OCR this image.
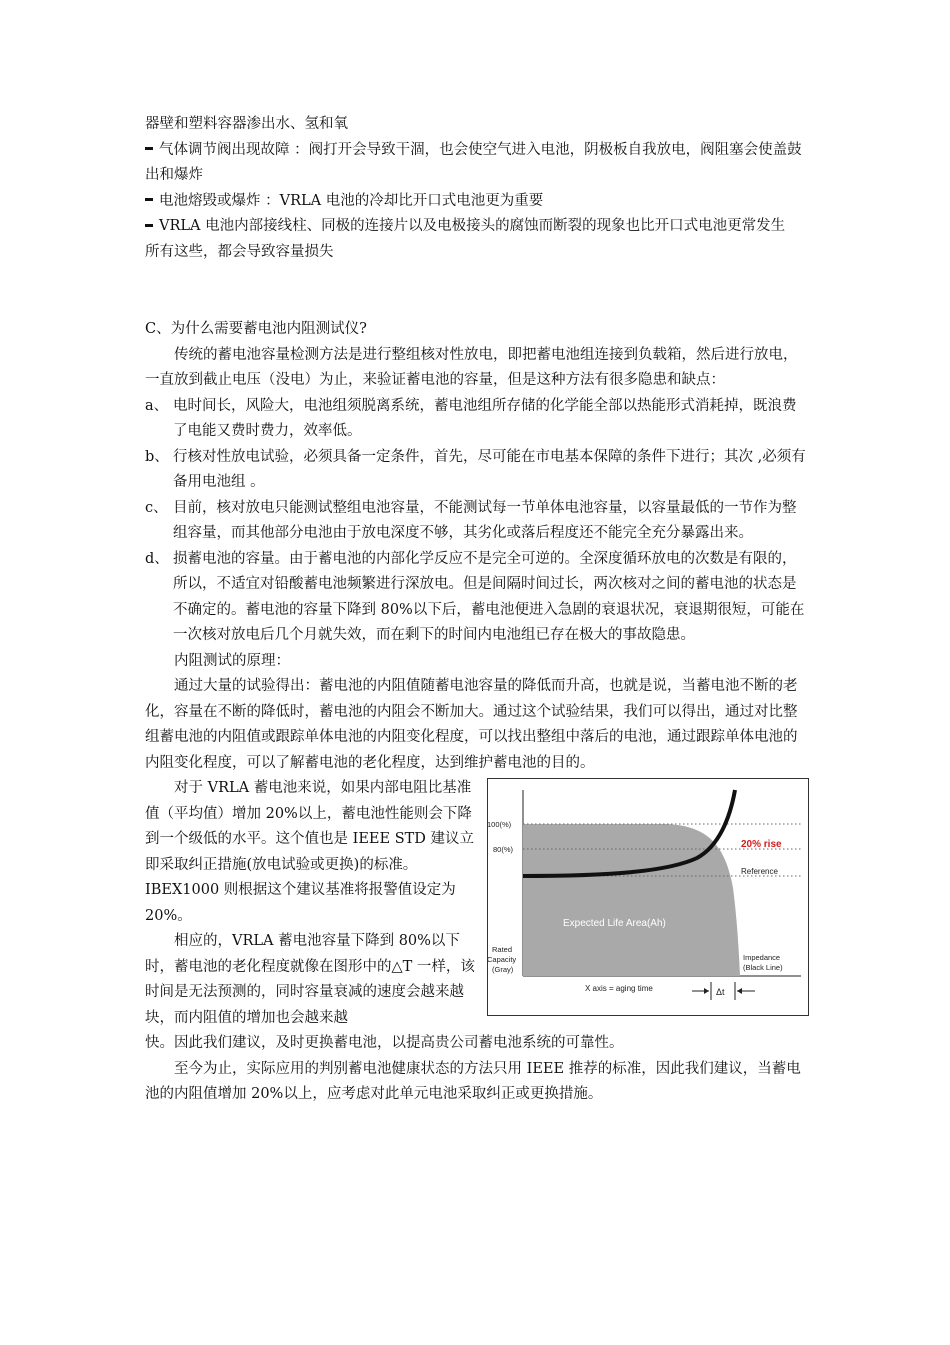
器壁和塑料容器渗出水、氢和氧

气体调节阀出现故障 ：阀打开会导致干涸，也会使空气进入电池，阴极板自我放电，阀阻塞会使盖鼓出和爆炸

电池熔毁或爆炸 ：VRLA 电池的冷却比开口式电池更为重要

VRLA 电池内部接线柱、同极的连接片以及电极接头的腐蚀而断裂的现象也比开口式电池更常发生

所有这些，都会导致容量损失

C、为什么需要蓄电池内阻测试仪?

传统的蓄电池容量检测方法是进行整组核对性放电，即把蓄电池组连接到负载箱，然后进行放电，一直放到截止电压（没电）为止，来验证蓄电池的容量，但是这种方法有很多隐患和缺点：

a、 电时间长，风险大，电池组须脱离系统，蓄电池组所存储的化学能全部以热能形式消耗掉，既浪费了电能又费时费力，效率低。
b、 行核对性放电试验，必须具备一定条件，首先，尽可能在市电基本保障的条件下进行；其次 ,必须有备用电池组 。
c、 目前，核对放电只能测试整组电池容量，不能测试每一节单体电池容量，以容量最低的一节作为整组容量，而其他部分电池由于放电深度不够，其劣化或落后程度还不能完全充分暴露出来。
d、 损蓄电池的容量。由于蓄电池的内部化学反应不是完全可逆的。全深度循环放电的次数是有限的，所以，不适宜对铅酸蓄电池频繁进行深放电。但是间隔时间过长，两次核对之间的蓄电池的状态是不确定的。蓄电池的容量下降到 80%以下后，蓄电池便进入急剧的衰退状况，衰退期很短，可能在一次核对放电后几个月就失效，而在剩下的时间内电池组已存在极大的事故隐患。

内阻测试的原理：

通过大量的试验得出：蓄电池的内阻值随蓄电池容量的降低而升高，也就是说，当蓄电池不断的老化，容量在不断的降低时，蓄电池的内阻会不断加大。通过这个试验结果，我们可以得出，通过对比整组蓄电池的内阻值或跟踪单体电池的内阻变化程度，可以找出整组中落后的电池，通过跟踪单体电池的内阻变化程度，可以了解蓄电池的老化程度，达到维护蓄电池的目的。

对于 VRLA 蓄电池来说，如果内部电阻比基准值（平均值）增加 20%以上，蓄电池性能则会下降到一个级低的水平。这个值也是 IEEE STD 建议立即采取纠正措施(放电试验或更换)的标准。IBEX1000 则根据这个建议基准将报警值设定为 20%。

相应的，VRLA 蓄电池容量下降到 80%以下时，蓄电池的老化程度就像在图形中的△T 一样，该时间是无法预测的，同时容量衰减的速度会越来越块，而内阻值的增加也会越来越

100(%)
80(%)	20% rise
Reference
Expected Life Area(Ah)
Rated
Capacity
(Gray)
Impedance
(Black Line)
X axis = aging time	Δt

快。因此我们建议，及时更换蓄电池，以提高贵公司蓄电池系统的可靠性。

至今为止，实际应用的判别蓄电池健康状态的方法只用 IEEE 推荐的标准，因此我们建议，当蓄电池的内阻值增加 20%以上，应考虑对此单元电池采取纠正或更换措施。
